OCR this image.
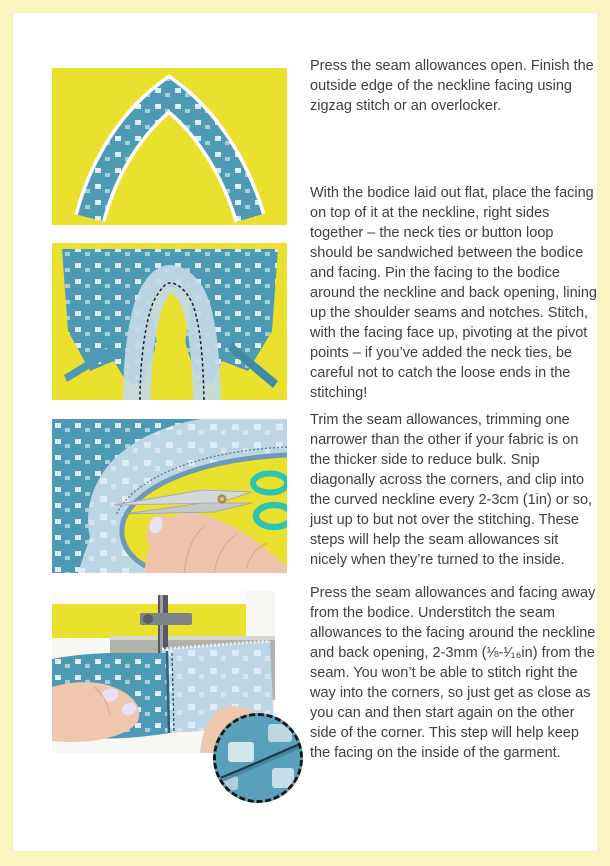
Press the seam allowances open. Finish the outside edge of the neckline facing using zigzag stitch or an overlocker.

With the bodice laid out flat, place the facing on top of it at the neckline, right sides together – the neck ties or button loop should be sandwiched between the bodice and facing. Pin the facing to the bodice around the neckline and back opening, lining up the shoulder seams and notches. Stitch, with the facing face up, pivoting at the pivot points – if you’ve added the neck ties, be careful not to catch the loose ends in the stitching!

Trim the seam allowances, trimming one narrower than the other if your fabric is on the thicker side to reduce bulk. Snip diagonally across the corners, and clip into the curved neckline every 2-3cm (1in) or so, just up to but not over the stitching. These steps will help the seam allowances sit nicely when they’re turned to the inside.

Press the seam allowances and facing away from the bodice. Understitch the seam allowances to the facing around the neckline and back opening, 2-3mm (⅛-¹⁄₁₆in) from the seam. You won’t be able to stitch right the way into the corners, so just get as close as you can and then start again on the other side of the corner. This step will help keep the facing on the inside of the garment.
